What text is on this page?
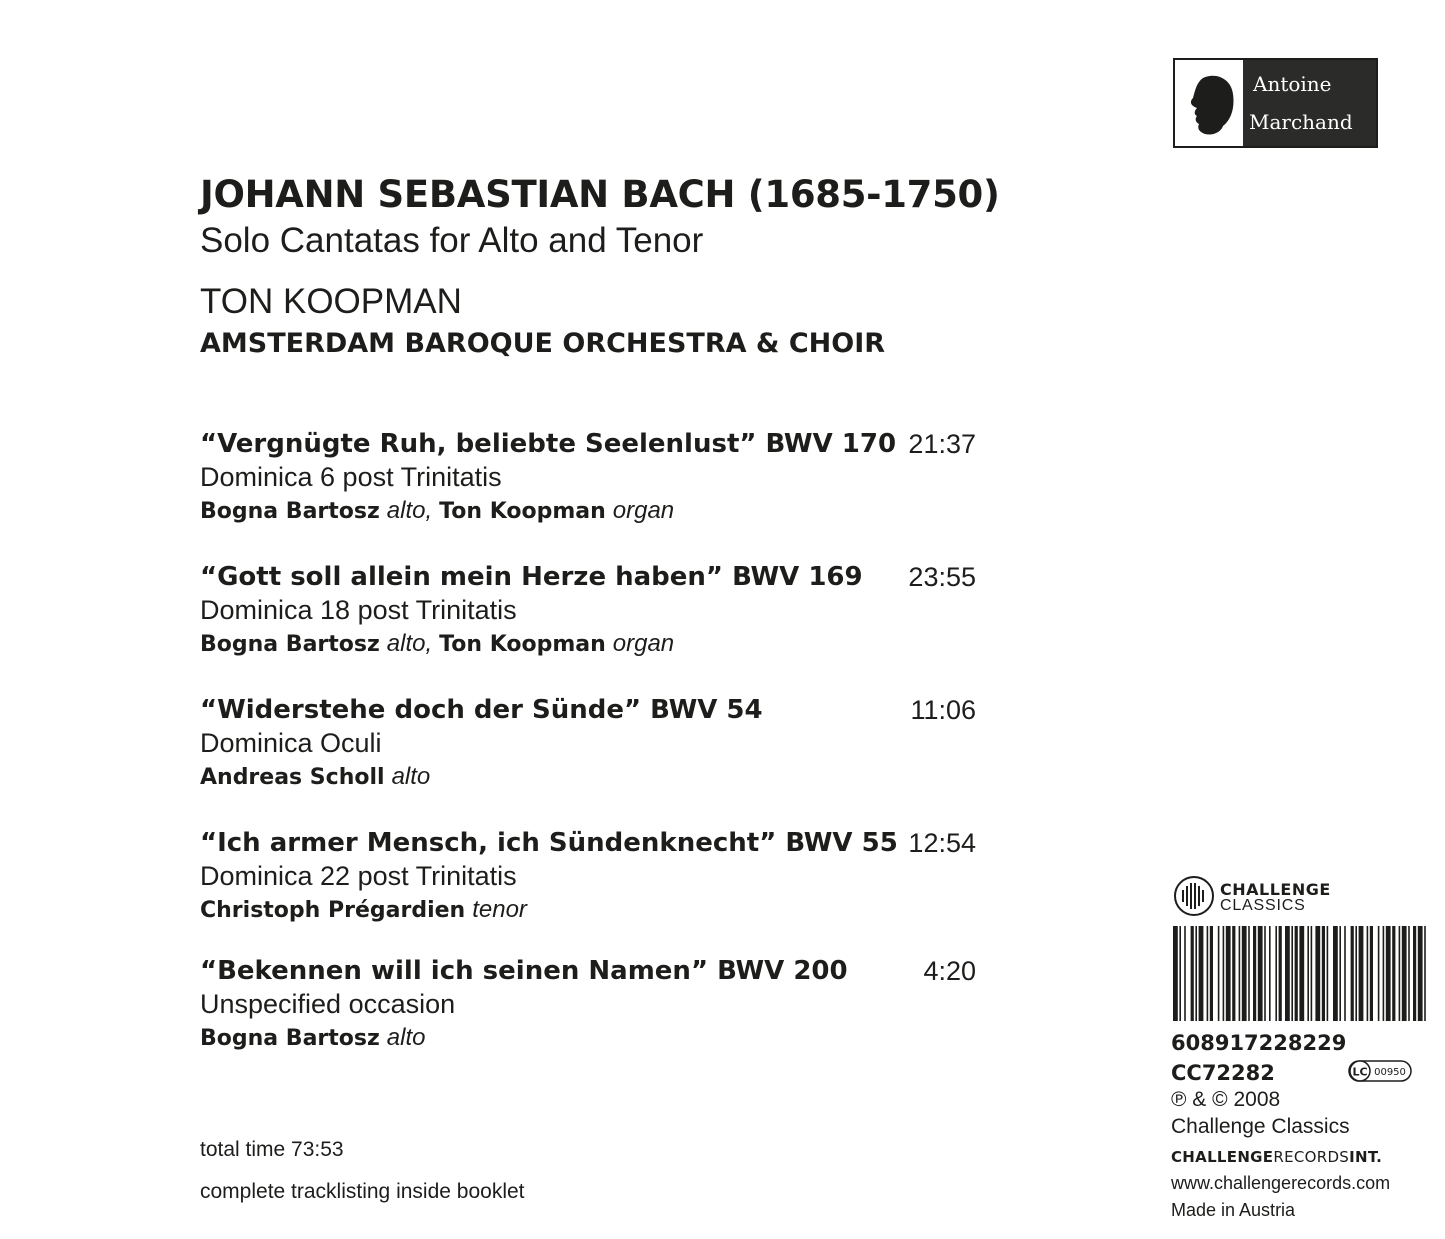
Antoine
Marchand
JOHANN SEBASTIAN BACH (1685-1750)
Solo Cantatas for Alto and Tenor
TON KOOPMAN
AMSTERDAM BAROQUE ORCHESTRA & CHOIR
“Vergnügte Ruh, beliebte Seelenlust” BWV 170 21:37
Dominica 6 post Trinitatis
Bogna Bartosz alto, Ton Koopman organ
“Gott soll allein mein Herze haben” BWV 169	23:55
Dominica 18 post Trinitatis
Bogna Bartosz alto, Ton Koopman organ
“Widerstehe doch der Sünde” BWV 54	11:06
Dominica Oculi
Andreas Scholl alto
“Ich armer Mensch, ich Sündenknecht” BWV 55 12:54
Dominica 22 post Trinitatis
Christoph Prégardien tenor
“Bekennen will ich seinen Namen” BWV 200	4:20
Unspecified occasion
Bogna Bartosz alto
total time 73:53
complete tracklisting inside booklet
CHALLENGE
CLASSICS
608917228229
CC72282	LC 00950
℗ & © 2008
Challenge Classics
CHALLENGERECORDSINT.
www.challengerecords.com
Made in Austria
